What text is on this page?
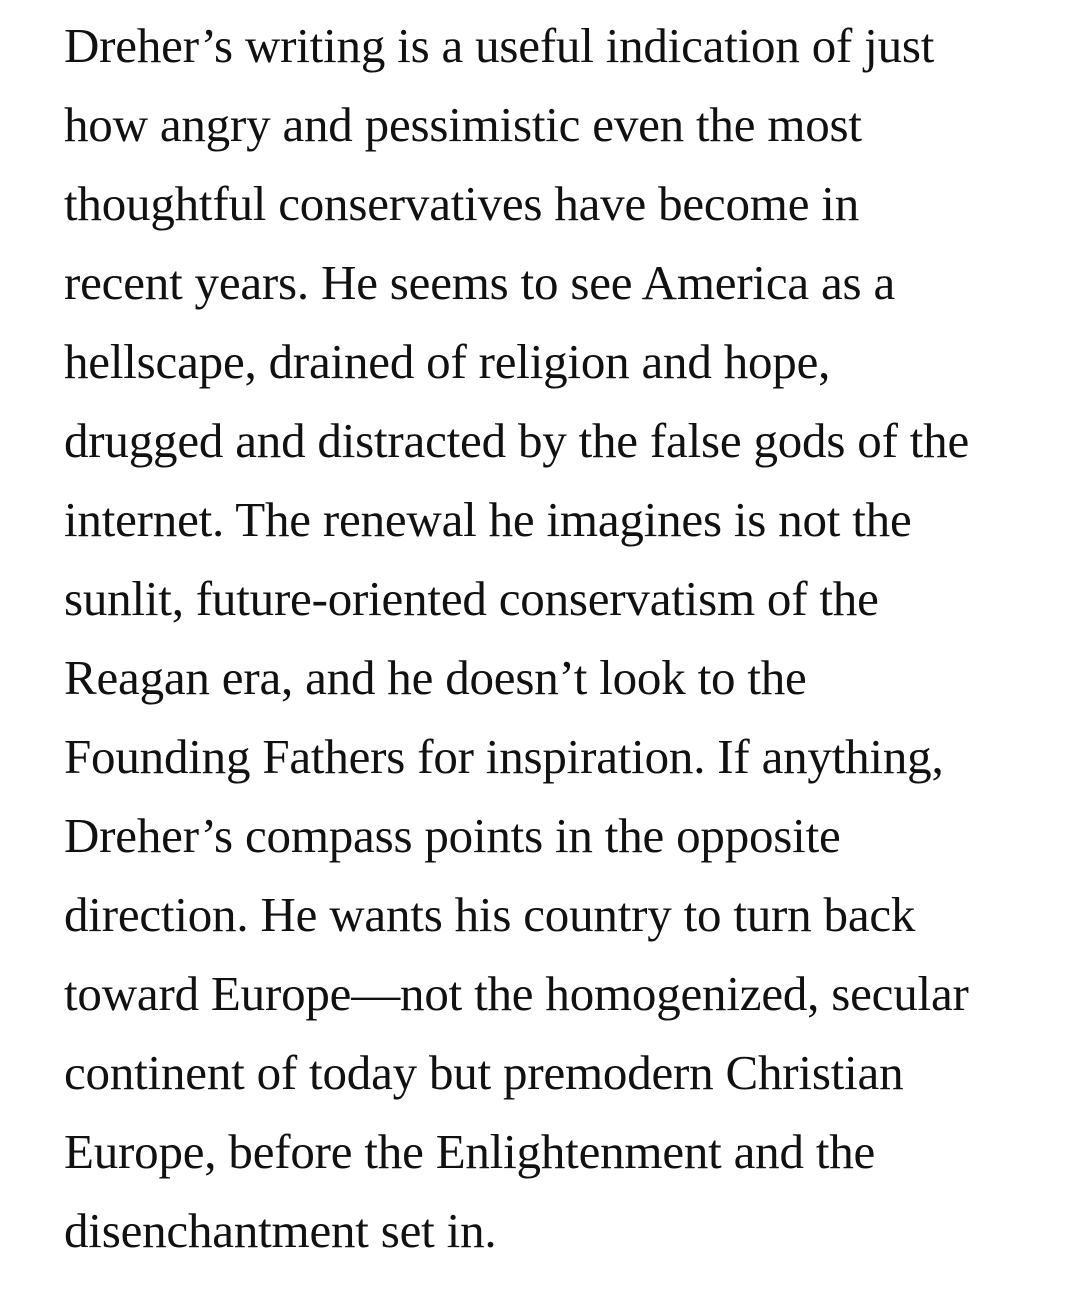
Dreher’s writing is a useful indication of just
how angry and pessimistic even the most
thoughtful conservatives have become in
recent years. He seems to see America as a
hellscape, drained of religion and hope,
drugged and distracted by the false gods of the
internet. The renewal he imagines is not the
sunlit, future-oriented conservatism of the
Reagan era, and he doesn’t look to the
Founding Fathers for inspiration. If anything,
Dreher’s compass points in the opposite
direction. He wants his country to turn back
toward Europe—not the homogenized, secular
continent of today but premodern Christian
Europe, before the Enlightenment and the
disenchantment set in.
